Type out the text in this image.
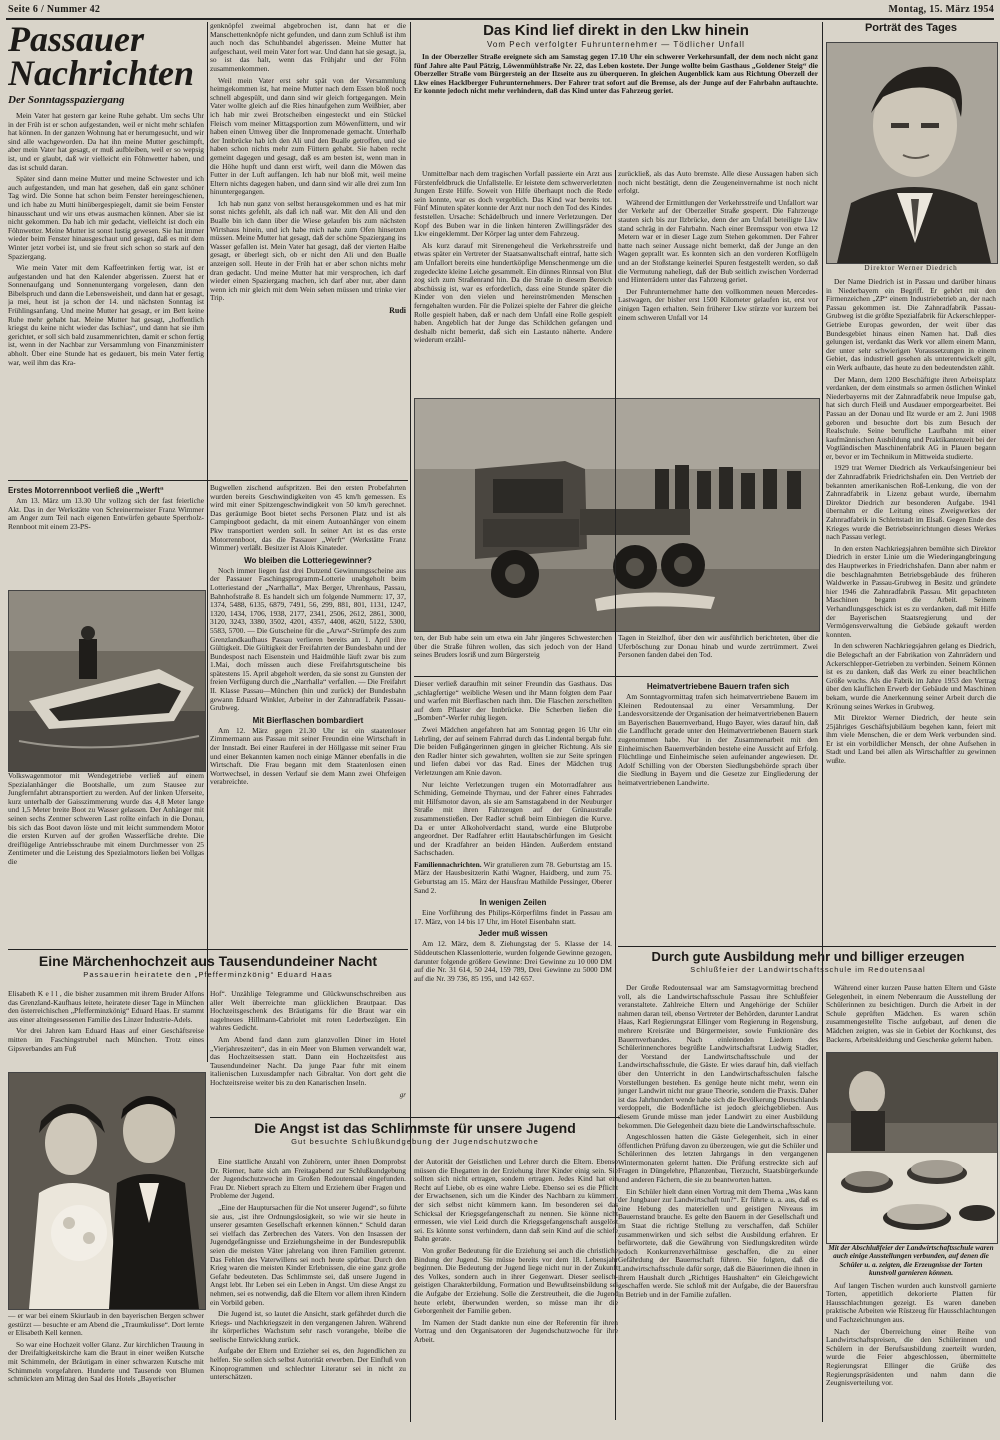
Seite 6 / Nummer 42	Montag, 15. März 1954
Passauer
Nachrichten
Der Sonntagsspaziergang

Mein Vater hat gestern gar keine Ruhe gehabt. Um sechs Uhr in der Früh ist er schon aufgestanden, weil er nicht mehr schlafen hat können. In der ganzen Wohnung hat er herumgesucht, und wir sind alle wachgeworden. Da hat ihn meine Mutter geschimpft, aber mein Vater hat gesagt, er muß aufbleiben, weil er so wepsig ist, und er glaubt, daß wir vielleicht ein Föhnwetter haben, und das ist schuld daran.

Später sind dann meine Mutter und meine Schwester und ich auch aufgestanden, und man hat gesehen, daß ein ganz schöner Tag wird. Die Sonne hat schon beim Fenster hereingeschienen, und ich habe zu Mutti hinübergespiegelt, damit sie beim Fenster hinausschaut und wir uns etwas ausmachen können. Aber sie ist nicht gekommen. Da hab ich mir gedacht, vielleicht ist doch ein Föhnwetter. Meine Mutter ist sonst lustig gewesen. Sie hat immer wieder beim Fenster hinausgeschaut und gesagt, daß es mit dem Winter jetzt vorbei ist, und sie freut sich schon so stark auf den Spaziergang.

Wie mein Vater mit dem Kaffeetrinken fertig war, ist er aufgestanden und hat den Kalender abgerissen. Zuerst hat er Sonnenaufgang und Sonnenuntergang vorgelesen, dann den Bibelspruch und dann die Lebensweisheit, und dann hat er gesagt, ja mei, heut ist ja schon der 14. und nächsten Sonntag ist Frühlingsanfang. Und meine Mutter hat gesagt, er im Bett keine Ruhe mehr gehabt hat. Meine Mutter hat gesagt, „hoffentlich kriegst du keine nicht wieder das Ischias“, und dann hat sie ihm gerichtet, er soll sich bald zusammenrichten, damit er schon fertig ist, wenn in der Nachbar zur Versammlung von Finanzministerr abholt. Über eine Stunde hat es gedauert, bis mein Vater fertig war, weil ihm das Kra-

genknöpfel zweimal abgebrochen ist, dann hat er die Manschettenknöpfe nicht gefunden, und dann zum Schluß ist ihm auch noch das Schuhbandel abgerissen. Meine Mutter hat aufgeschaut, weil mein Vater fort war. Und dann hat sie gesagt, ja, so ist das halt, wenn das Frühjahr und der Föhn zusammenkommen.

Weil mein Vater erst sehr spät von der Versammlung heimgekommen ist, hat meine Mutter nach dem Essen bloß noch schnell abgespült, und dann sind wir gleich fortgegangen. Mein Vater wollte gleich auf die Ries hinaufgehen zum Weißbier, aber ich hab mir zwei Brotscheiben eingesteckt und ein Stückel Fleisch vom meiner Mittagsportion zum Möwenfüttern, und wir haben einen Umweg über die Innpromenade gemacht. Unterhalb der Innbrücke hab ich den Ali und den Bualle getroffen, und sie haben schon nichts mehr zum Füttern gehabt. Sie haben recht gemeint dagegen und gesagt, daß es am besten ist, wenn man in die Höhe hupft und dann erst wirft, weil dann die Möwen das Futter in der Luft auffangen. Ich hab nur bloß mit, weil meine Eltern nichts dagegen haben, und dann sind wir alle drei zum Inn hinuntergegangen.

Ich hab nun ganz von selbst herausgekommen und es hat mir sonst nichts gefehlt, als daß ich naß war. Mit den Ali und den Bualle bin ich dann über die Wiese gelaufen bis zum nächsten Wirtshaus hinein, und ich habe mich nahe zum Ofen hinsetzen müssen. Meine Mutter hat gesagt, daß der schöne Spaziergang ins Wasser gefallen ist. Mein Vater hat gesagt, daß der vierten Halbe gesagt, er überlegt sich, ob er nicht den Ali und den Bualle anzeigen soll. Heute in der Früh hat er aber schon nichts mehr dran gedacht. Und meine Mutter hat mir versprochen, ich darf wieder einen Spaziergang machen, ich darf aber nur, aber dann wenn ich mir gleich mit dem Wein sehen müssen und trinke vier Trip.

Rudi
Erstes Motorrennboot verließ die „Werft“

Am 13. März um 13.30 Uhr vollzog sich der fast feierliche Akt. Das in der Werkstätte von Schreinermeister Franz Wimmer am Anger zum Teil nach eigenen Entwürfen gebaute Sperrholz-Rennboot mit einem 23-PS-

Volkswagenmotor mit Wendegetriebe verließ auf einem Spezialanhänger die Bootshalle, um zum Stausee zur Jungfernfahrt abtransportiert zu werden. Auf der linken Uferseite, kurz unterhalb der Gaisszimmerung wurde das 4,8 Meter lange und 1,5 Meter breite Boot zu Wasser gelassen. Der Anhänger mit seinen sechs Zentner schweren Last rollte einfach in die Donau, bis sich das Boot davon löste und mit leicht summendem Motor die ersten Kurven auf der großen Wasserfläche drehte. Die dreiflügelige Antriebsschraube mit einem Durchmesser von 25 Zentimeter und die Leistung des Spezialmotors ließen bei Vollgas die

Bugwellen zischend aufspritzen. Bei den ersten Probefahrten wurden bereits Geschwindigkeiten von 45 km/h gemessen. Es wird mit einer Spitzengeschwindigkeit von 50 km/h gerechnet. Das geräumige Boot bietet sechs Personen Platz und ist als Campingboot gedacht, da mit einem Autoanhänger von einem Pkw transportiert werden soll. In seiner Art ist es das erste Motorrennboot, das die Passauer „Werft“ (Werkstätte Franz Wimmer) verläßt. Besitzer ist Alois Kinateder.

Wo bleiben die Lotteriegewinner?

Noch immer liegen fast drei Dutzend Gewinnungsscheine aus der Passauer Faschingsprogramm-Lotterie unabgeholt beim Lotteriestand der „Narrhalla“, Max Berger, Uhrenhaus, Passau, Bahnhofstraße 8. Es handelt sich um folgende Nummern: 17, 37, 1374, 5488, 6135, 6879, 7491, 56, 299, 881, 801, 1131, 1247, 1320, 1434, 1706, 1938, 2177, 2341, 2506, 2612, 2861, 3000, 3120, 3243, 3380, 3502, 4201, 4357, 4408, 4620, 5122, 5300, 5583, 5700. — Die Gutscheine für die „Arwa“-Strümpfe des zum Grenzlandkaufhaus Passau verlieren bereits am 1. April ihre Gültigkeit. Die Gültigkeit der Freifahrten der Bundesbahn und der Bundespost nach Eisenstein und Haidmühle läuft zwar bis zum 1.Mai, doch müssen auch diese Freifahrtsgutscheine bis spätestens 15. April abgeholt werden, da sie sonst zu Gunsten der freien Verfügung durch die „Narrhalla“ verfallen. — Die Freifahrt II. Klasse Passau—München (hin und zurück) der Bundesbahn gewann Eduard Winkler, Arbeiter in der Zahnradfabrik Passau-Grubweg.

Mit Bierflaschen bombardiert

Am 12. März gegen 21.30 Uhr ist ein staatenloser Zimmermann aus Passau mit seiner Freundin eine Wirtschaft in der Innstadt. Bei einer Rauferei in der Höllgasse mit seiner Frau und einer Bekannten kamen noch einige Männer ebenfalls in die Wirtschaft. Die Frau begann mit dem Staatenlosen einen Wortwechsel, in dessen Verlauf sie dem Mann zwei Ohrfeigen verabreichte.

Eine Märchenhochzeit aus Tausendundeiner Nacht
Passauerin heiratete den „Pfefferminzkönig“ Eduard Haas

Elisabeth K e l l , die bisher zusammen mit ihrem Bruder Alfons das Grenzland-Kaufhaus leitete, heiratete dieser Tage in München den österreichischen „Pfefferminzkönig“ Eduard Haas. Er stammt aus einer alteingesessenen Familie des Linzer Industrie-Adels.

Vor drei Jahren kam Eduard Haas auf einer Geschäftsreise mitten im Faschingstrubel nach München. Trotz eines Gipsverbandes am Fuß

— er war bei einem Skiurlaub in den bayerischen Bergen schwer gestürzt — besuchte er am Abend die „Traumkulisse“. Dort lernte er Elisabeth Kell kennen.

So war eine Hochzeit voller Glanz. Zur kirchlichen Trauung in der Dreifaltigkeitskirche kam die Braut in einer weißen Kutsche mit Schimmeln, der Bräutigam in einer schwarzen Kutsche mit Schimmeln vorgefahren. Hunderte und Tausende von Blumen schmückten am Mittag den Saal des Hotels „Bayerischer

Hof“. Unzählige Telegramme und Glückwunschschreiben aus aller Welt überreichte man glücklichen Brautpaar. Das Hochzeitsgeschenk des Bräutigams für die Braut war ein nagelneues Hillmann-Cabriolet mit roten Lederbezügen. Ein wahres Gedicht.

Am Abend fand dann zum glanzvollen Diner im Hotel „Vierjahreszeiten“, das in ein Meer von Blumen verwandelt war, das Hochzeitsessen statt. Dann ein Hochzeitsfest aus Tausendundeiner Nacht. Da junge Paar fuhr mit einem italienischen Luxusdampfer nach Gibraltar. Von dort geht die Hochzeitsreise weiter bis zu den Kanarischen Inseln.

gr
Die Angst ist das Schlimmste für unsere Jugend
Gut besuchte Schlußkundgebung der Jugendschutzwoche

Eine stattliche Anzahl von Zuhörern, unter ihnen Domprobst Dr. Riemer, hatte sich am Freitagabend zur Schlußkundgebung der Jugendschutzwoche im Großen Redoutensaal eingefunden. Frau Dr. Niebert sprach zu Eltern und Erziehern über Fragen und Probleme der Jugend.

„Eine der Hauptursachen für die Not unserer Jugend“, so führte sie aus, „ist ihre Ordnungslosigkeit, so wie wir sie heute in unserer gesamten Gesellschaft erkennen können.“ Schuld daran sei vielfach das Zerbrechen des Vaters. Von den Insassen der Jugendgefängnisse und Erziehungsheime in der Bundesrepublik seien die meisten Väter jahrelang von ihren Familien getrennt. Das Fehlen des Vaterwillens sei noch heute spürbar. Durch den Krieg waren die meisten Kinder Erlebnissen, die eine ganz große Gefahr bedeuteten. Das Schlimmste sei, daß unsere Jugend in Angst lebt. Ihr Leben sei ein Leben in Angst. Um diese Angst zu nehmen, sei es notwendig, daß die Eltern vor allem ihren Kindern ein Vorbild geben.

Die Jugend ist, so lautet die Ansicht, stark gefährdet durch die Kriegs- und Nachkriegszeit in den vergangenen Jahren. Während ihr körperliches Wachstum sehr rasch vorangehe, bleibe die seelische Entwicklung zurück.

Aufgabe der Eltern und Erzieher sei es, den Jugendlichen zu helfen. Sie sollen sich selbst Autorität erwerben. Der Einfluß von Kinoprogrammen und schlechter Literatur sei in nicht zu unterschätzen.

der Autorität der Geistlichen und Lehrer durch die Eltern. Ebenso müssen die Ehegatten in der Erziehung ihrer Kinder einig sein. Sie sollten sich nicht ertragen, sondern ertragen. Jedes Kind hat ein Recht auf Liebe, ob es eine wahre Liebe. Ebenso sei es die Pflicht der Erwachsenen, sich um die Kinder des Nachbarn zu kümmern, der sich selbst nicht kümmern kann. Im besonderen sei das Schicksal der Kriegsgefangenschaft zu nennen. Sie könne nicht ermessen, wie viel Leid durch die Kriegsgefangenschaft ausgelöst sei. Es könnte sonst verhindern, dann daß sein Kind auf die schiefe Bahn gerate.

Von großer Bedeutung für die Erziehung sei auch die christliche Bindung der Jugend. Sie müsse bereits vor dem 18. Lebensjahr beginnen. Die Bedeutung der Jugend liege nicht nur in der Zukunft des Volkes, sondern auch in ihrer Gegenwart. Dieser seelisch-geistigen Charakterbildung, Formation und Bewußtseinsbildung sei die Aufgabe der Erziehung. Solle die Zerstreutheit, die die Jugend heute erlebt, überwunden werden, so müsse man ihr die Geborgenheit der Familie geben.

Im Namen der Stadt dankte nun eine der Referentin für ihren Vortrag und den Organisatoren der Jugendschutzwoche für ihre Arbeit.

Das Kind lief direkt in den Lkw hinein
Vom Pech verfolgter Fuhrunternehmer — Tödlicher Unfall

In der Oberzeller Straße ereignete sich am Samstag gegen 17.10 Uhr ein schwerer Verkehrsunfall, der dem noch nicht ganz fünf Jahre alte Paul Pätzig, Löwenmühlstraße Nr. 22, das Leben kostete. Der Junge wollte beim Gasthaus „Goldener Steig“ die Oberzeller Straße vom Bürgersteig an der Ilzseite aus zu überqueren. In gleichen Augenblick kam aus Richtung Oberzell der Lkw eines Hacklberger Fuhrunternehmers. Der Fahrer trat sofort auf die Bremse, als der Junge auf der Fahrbahn auftauchte. Er konnte jedoch nicht mehr verhindern, daß das Kind unter das Fahrzeug geriet.

Unmittelbar nach dem tragischen Vorfall passierte ein Arzt aus Fürstenfeldbruck die Unfallstelle. Er leistete dem schwerverletzten Jungen Erste Hilfe. Soweit von Hilfe überhaupt noch die Rede sein konnte, war es doch vergeblich. Das Kind war bereits tot. Fünf Minuten später konnte der Arzt nur noch den Tod des Kindes feststellen. Ursache: Schädelbruch und innere Verletzungen. Der Kopf des Buben war in die linken hinteren Zwillingsräder des Lkw eingeklemmt. Der Körper lag unter dem Fahrzeug.

Als kurz darauf mit Sirenengeheul die Verkehrsstreife und etwas später ein Vertreter der Staatsanwaltschaft eintraf, hatte sich am Unfallort bereits eine hundertköpfige Menschenmenge um die zugedeckte kleine Leiche gesammelt. Ein dünnes Rinnsal von Blut zog sich zum Straßenrand hin. Da die Straße in diesem Bereich abschüssig ist, war es erforderlich, dass eine Stunde später die Kinder von den vielen und hereinströmenden Menschen ferngehalten wurden. Für die Polizei spielte der Fahrer die gleiche Rolle gespielt haben, daß er nach dem Unfall eine Rolle gespielt haben. Angeblich hat der Junge das Schildchen gefangen und deshalb nicht bemerkt, daß sich ein Lastauto näherte. Andere wiederum erzähl-

zurückließ, als das Auto bremste. Alle diese Aussagen haben sich noch nicht bestätigt, denn die Zeugeneinvernahme ist noch nicht erfolgt.

Während der Ermittlungen der Verkehrsstreife und Unfallort war der Verkehr auf der Oberzeller Straße gesperrt. Die Fahrzeuge stauten sich bis zur Ilzbrücke, denn der am Unfall beteiligte Lkw stand schräg in der Fahrbahn. Nach einer Bremsspur von etwa 12 Metern war er in dieser Lage zum Stehen gekommen. Der Fahrer hatte nach seiner Aussage nicht bemerkt, daß der Junge an den Wagen geprallt war. Es konnten sich an den vorderen Kotflügeln und an der Stoßstange keinerlei Spuren festgestellt werden, so daß die Vermutung naheliegt, daß der Bub seitlich zwischen Vorderrad und Hinterrädern unter das Fahrzeug geriet.

Der Fuhrunternehmer hatte den vollkommen neuen Mercedes-Lastwagen, der bisher erst 1500 Kilometer gelaufen ist, erst vor einigen Tagen erhalten. Sein früherer Lkw stürzte vor kurzem bei einem schweren Unfall vor 14

ten, der Bub habe sein um etwa ein Jahr jüngeres Schwesterchen über die Straße führen wollen, das sich jedoch von der Hand seines Bruders losriß und zum Bürgersteig

Tagen in Steizlhof, über den wir ausführlich berichteten, über die Uferböschung zur Donau hinab und wurde zertrümmert. Zwei Personen fanden dabei den Tod.

Dieser verließ daraufhin mit seiner Freundin das Gasthaus. Das „schlagfertige“ weibliche Wesen und ihr Mann folgten dem Paar und warfen mit Bierflaschen nach ihm. Die Flaschen zerschellten auf dem Pflaster der Innbrücke. Die Scherben ließen die „Bomben“-Werfer ruhig liegen.

Zwei Mädchen angefahren hat am Sonntag gegen 16 Uhr ein Lehrling, der auf seinem Fahrrad durch das Lindental bergab fuhr. Die beiden Fußgängerinnen gingen in gleicher Richtung. Als sie den Radler hinter sich gewahrten, wollten sie zur Seite springen und liefen dabei vor das Rad. Eines der Mädchen trug Verletzungen am Knie davon.

Nur leichte Verletzungen trugen ein Motorradfahrer aus Schmiding, Gemeinde Thyrnau, und der Fahrer eines Fahrrades mit Hilfsmotor davon, als sie am Samstagabend in der Neuburger Straße mit ihren Fahrzeugen auf der Grünaustraße zusammenstießen. Der Radler schuß beim Einbiegen die Kurve. Da er unter Alkoholverdacht stand, wurde eine Blutprobe angeordnet. Der Radfahrer erlitt Hautabschürfungen im Gesicht und der Kradfahrer an beiden Händen. Außerdem entstand Sachschaden.

Familiennachrichten. Wir gratulieren zum 78. Geburtstag am 15. März der Hausbesitzerin Kathi Wagner, Haidberg, und zum 75. Geburtstag am 15. März der Hausfrau Mathilde Pessinger, Oberer Sand 2.

In wenigen Zeilen

Eine Vorführung des Philips-Körperfilms findet in Passau am 17. März, von 14 bis 17 Uhr, im Hotel Eisenbahn statt.

Jeder muß wissen

Am 12. März, dem 8. Ziehungstag der 5. Klasse der 14. Süddeutschen Klassenlotterie, wurden folgende Gewinne gezogen, darunter folgende größere Gewinne: Drei Gewinne zu 10 000 DM auf die Nr. 31 614, 50 244, 159 789, Drei Gewinne zu 5000 DM auf die Nr. 39 736, 85 195, und 142 657.

Heimatvertriebene Bauern trafen sich

Am Sonntagvormittag trafen sich heimatvertriebene Bauern im Kleinen Redoutensaal zu einer Versammlung. Der Landesvorsitzende der Organisation der heimatvertriebenen Bauern im Bayerischen Bauernverband, Hugo Bayer, wies darauf hin, daß die Landflucht gerade unter den Heimatvertriebenen Bauern stark zugenommen habe. Nur in der Zusammenarbeit mit den Einheimischen Bauernverbänden bestehe eine Aussicht auf Erfolg. Flüchtlinge und Einheimische seien aufeinander angewiesen. Dr. Adolf Schilling von der Obersten Siedlungsbehörde sprach über die Siedlung in Bayern und die Gesetze zur Eingliederung der heimatvertriebenen Landwirte.

Durch gute Ausbildung mehr und billiger erzeugen
Schlußfeier der Landwirtschaftsschule im Redoutensaal

Der Große Redoutensaal war am Samstagvormittag brechend voll, als die Landwirtschaftsschule Passau ihre Schlußfeier veranstaltete. Zahlreiche Eltern und Angehörige der Schüler nahmen daran teil, ebenso Vertreter der Behörden, darunter Landrat Haas, Karl Regierungsrat Ellinger vom Regierung in Regensburg, mehrere Kreisräte und Bürgermeister, sowie Funktionäre des Bauernverbandes. Nach einleitenden Liedern des Schülerinnenchores begrüßte Landwirtschaftsrat Ludwig Stadler, der Vorstand der Landwirtschaftsschule und der Landwirtschaftsschule, die Gäste. Er wies darauf hin, daß vielfach über den Unterricht in den Landwirtschaftsschulen falsche Vorstellungen bestehen. Es genüge heute nicht mehr, wenn ein junger Landwirt nicht nur graue Theorie, sondern die Praxis. Daher ist das Jahrhundert wende habe sich die Bevölkerung Deutschlands verdoppelt, die Bodenfläche ist jedoch gleichgeblieben. Aus diesem Grunde müsse man jeder Landwirt zu einer Ausbildung bekommen. Die Gelegenheit dazu biete die Landwirtschaftsschule.

Angeschlossen hatten die Gäste Gelegenheit, sich in einer öffentlichen Prüfung davon zu überzeugen, wie gut die Schüler und Schülerinnen des letzten Jahrgangs in den vergangenen Wintermonaten gelernt hatten. Die Prüfung erstreckte sich auf Fragen in Düngelehre, Pflanzenbau, Tierzucht, Staatsbürgerkunde und anderen Fächern, die sie zu beantworten hatten.

Ein Schüler hielt dann einen Vortrag mit dem Thema „Was kann der Jungbauer zur Landwirtschaft tun?“. Er führte u. a. aus, daß es eine Hebung des materiellen und geistigen Niveaus im Bauernstand brauche. Es gelte den Bauern in der Gesellschaft und im Staat die richtige Stellung zu verschaffen, daß Schüler zusammenwirken und sich selbst die Ausbildung erfahren. Er befürwortete, daß die Gewährung von Siedlungskrediten würde jedoch Konkurrenzverhältnisse geschaffen, die zu einer Gefährdung der Bauernschaft führen. Sie folgten, daß die Landwirtschaftsschule dafür sorge, daß die Bäuerinnen die ihnen in ihrem Haushalt durch „Richtiges Haushalten“ ein Gleichgewicht geschaffen werde. Sie schloß mit der Aufgabe, die der Bauersfrau in Betrieb und in der Familie zufallen.

Porträt des Tages
Direktor Werner Diedrich

Der Name Diedrich ist in Passau und darüber hinaus in Niederbayern ein Begriff. Er gehört mit den Firmenzeichen „ZP“ einem Industriebetrieb an, der nach Passau gekommen ist. Die Zahnradfabrik Passau-Grubweg ist die größte Spezialfabrik für Ackerschlepper-Getriebe Europas geworden, der weit über das Bundesgebiet hinaus einen Namen hat. Daß dies gelungen ist, verdankt das Werk vor allem einem Mann, der unter sehr schwierigen Voraussetzungen in einem Gebiet, das industriell gesehen als unterentwickelt gilt, ein Werk aufbaute, das heute zu den bedeutendsten zählt.

Der Mann, dem 1200 Beschäftigte ihren Arbeitsplatz verdanken, der dem einstmals so armen östlichen Winkel Niederbayerns mit der Zahnradfabrik neue Impulse gab, hat sich durch Fleiß und Ausdauer emporgearbeitet. Bei Passau an der Donau und Ilz wurde er am 2. Juni 1908 geboren und besuchte dort bis zum Besuch der Realschule. Seine berufliche Laufbahn mit einer kaufmännischen Ausbildung und Praktikantenzeit bei der Vogtländischen Maschinenfabrik AG in Plauen begann er, bevor er im Technikum in Mittweida studierte.

1929 trat Werner Diedrich als Verkaufsingenieur bei der Zahnradfabrik Friedrichshafen ein. Den Vertrieb der bekannten amerikanischen Roß-Lenkung, die von der Zahnradfabrik in Lizenz gebaut wurde, übernahm Direktor Diedrich zur besonderen Aufgabe. 1941 übernahm er die Leitung eines Zweigwerkes der Zahnradfabrik in Schlettstadt im Elsaß. Gegen Ende des Krieges wurde die Betriebseinrichtungen dieses Werkes nach Passau verlegt.

In den ersten Nachkriegsjahren bemühte sich Direktor Diedrich in erster Linie um die Wiederingangbringung des Hauptwerkes in Friedrichshafen. Dann aber nahm er die beschlagnahmten Betriebsgebäude des früheren Waldwerke in Passau-Grubweg in Besitz und gründete hier 1946 die Zahnradfabrik Passau. Mit gepachteten Maschinen begann die Arbeit. Seinem Verhandlungsgeschick ist es zu verdanken, daß mit Hilfe der Bayerischen Staatsregierung und der Vermögensverwaltung die Gebäude gekauft werden konnten.

In den schweren Nachkriegsjahren gelang es Diedrich, die Belegschaft an der Fabrikation von Zahnrädern und Ackerschlepper-Getrieben zu verbinden. Seinem Können ist es zu danken, daß das Werk zu einer beachtlichen Größe wuchs. Als die Fabrik im Jahre 1953 den Vertrag über den käuflichen Erwerb der Gebäude und Maschinen bekam, wurde die Anerkennung seiner Arbeit durch die Krönung seines Werkes in Grubweg.

Mit Direktor Werner Diedrich, der heute sein 25jähriges Geschäftsjubiläum begehen kann, feiert mit ihm viele Menschen, die er dem Werk verbunden sind. Er ist ein vorbildlicher Mensch, der ohne Aufsehen in Stadt und Land bei allen als Wirtschaftler zu gewinnen wußte.

Während einer kurzen Pause hatten Eltern und Gäste Gelegenheit, in einem Nebenraum die Ausstellung der Schülerinnen zu besichtigen. Durch die Arbeit in der Schule geprüften Mädchen. Es waren schön zusammengestellte Tische aufgebaut, auf denen die Mädchen zeigten, was sie in Gebiet der Kochkunst, des Backens, Arbeitskleidung und Geschenke gelernt haben.

Mit der Abschlußfeier der Landwirtschaftsschule waren auch einige Ausstellungen verbunden, auf denen die Schüler u. a. zeigten, die Erzeugnisse der Torten kunstvoll garnieren können.

Auf langen Tischen wurden auch kunstvoll garnierte Torten, appetitlich dekorierte Platten für Hausschlachtungen gezeigt. Es waren daneben praktische Arbeiten wie Rüstzeug für Hausschlachtungen und Fachzeichnungen aus.

Nach der Überreichung einer Reihe von Landwirtschaftspreisen, die den Schülerinnen und Schülern in der Berufsausbildung zuerteilt wurden, wurde die Feier abgeschlossen, übermittelte Regierungsrat Ellinger die Grüße des Regierungspräsidenten und nahm dann die Zeugnisverteilung vor.
